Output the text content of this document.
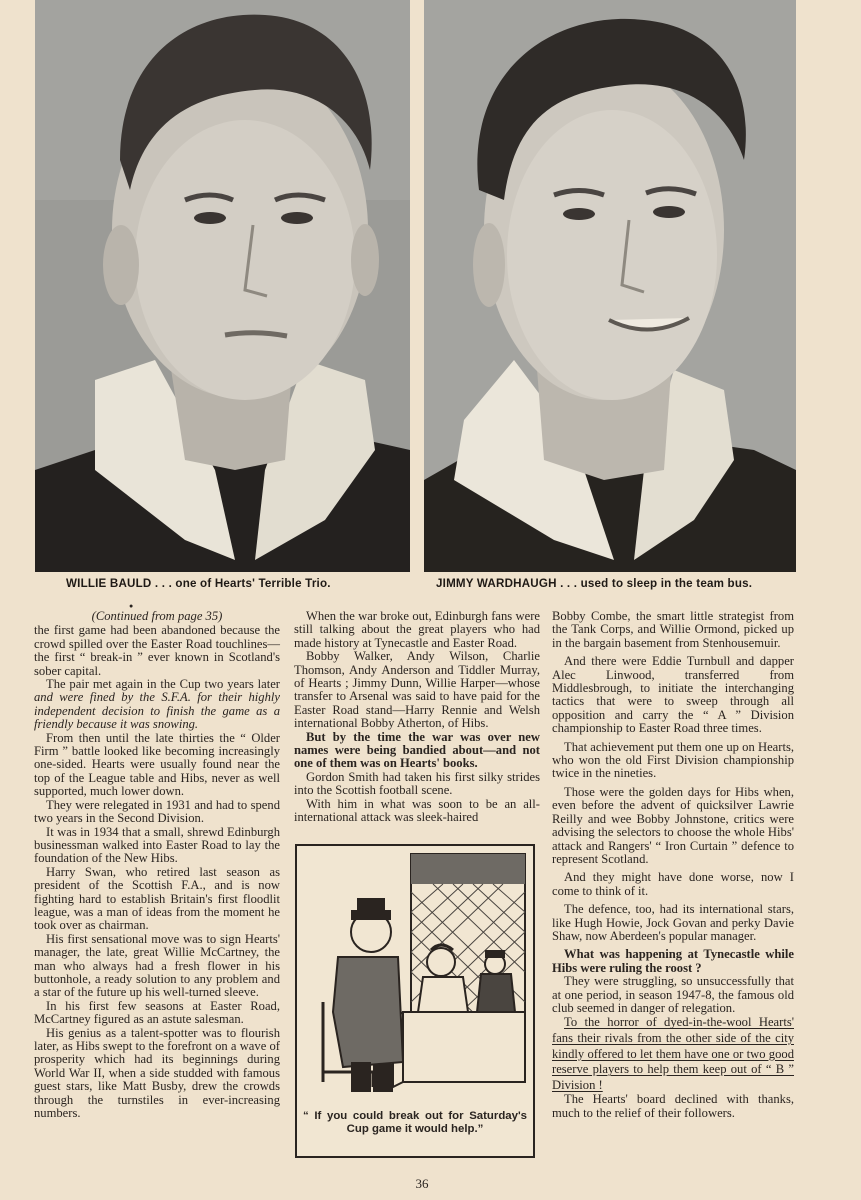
WILLIE BAULD . . . one of Hearts' Terrible Trio.	JIMMY WARDHAUGH . . . used to sleep in the team bus.
●

(Continued from page 35)

the first game had been abandoned because the crowd spilled over the Easter Road touchlines—the first “ break-in ” ever known in Scotland's sober capital.

The pair met again in the Cup two years later and were fined by the S.F.A. for their highly independent decision to finish the game as a friendly because it was snowing.

From then until the late thirties the “ Older Firm ” battle looked like becoming increasingly one-sided. Hearts were usually found near the top of the League table and Hibs, never as well supported, much lower down.

They were relegated in 1931 and had to spend two years in the Second Division.

It was in 1934 that a small, shrewd Edinburgh businessman walked into Easter Road to lay the foundation of the New Hibs.

Harry Swan, who retired last season as president of the Scottish F.A., and is now fighting hard to establish Britain's first floodlit league, was a man of ideas from the moment he took over as chairman.

His first sensational move was to sign Hearts' manager, the late, great Willie McCartney, the man who always had a fresh flower in his buttonhole, a ready solution to any problem and a star of the future up his well-turned sleeve.

In his first few seasons at Easter Road, McCartney figured as an astute salesman.

His genius as a talent-spotter was to flourish later, as Hibs swept to the forefront on a wave of prosperity which had its beginnings during World War II, when a side studded with famous guest stars, like Matt Busby, drew the crowds through the turnstiles in ever-increasing numbers.

When the war broke out, Edinburgh fans were still talking about the great players who had made history at Tynecastle and Easter Road.

Bobby Walker, Andy Wilson, Charlie Thomson, Andy Anderson and Tiddler Murray, of Hearts ; Jimmy Dunn, Willie Harper—whose transfer to Arsenal was said to have paid for the Easter Road stand—Harry Rennie and Welsh international Bobby Atherton, of Hibs.

But by the time the war was over new names were being bandied about—and not one of them was on Hearts' books.

Gordon Smith had taken his first silky strides into the Scottish football scene.

With him in what was soon to be an all-international attack was sleek-haired

“ If you could break out for Saturday's Cup game it would help.”

Bobby Combe, the smart little strategist from the Tank Corps, and Willie Ormond, picked up in the bargain basement from Stenhousemuir.

And there were Eddie Turnbull and dapper Alec Linwood, transferred from Middlesbrough, to initiate the interchanging tactics that were to sweep through all opposition and carry the “ A ” Division championship to Easter Road three times.

That achievement put them one up on Hearts, who won the old First Division championship twice in the nineties.

Those were the golden days for Hibs when, even before the advent of quicksilver Lawrie Reilly and wee Bobby Johnstone, critics were advising the selectors to choose the whole Hibs' attack and Rangers' “ Iron Curtain ” defence to represent Scotland.

And they might have done worse, now I come to think of it.

The defence, too, had its international stars, like Hugh Howie, Jock Govan and perky Davie Shaw, now Aberdeen's popular manager.

What was happening at Tynecastle while Hibs were ruling the roost ?

They were struggling, so unsuccessfully that at one period, in season 1947-8, the famous old club seemed in danger of relegation.

To the horror of dyed-in-the-wool Hearts' fans their rivals from the other side of the city kindly offered to let them have one or two good reserve players to help them keep out of “ B ” Division !

The Hearts' board declined with thanks, much to the relief of their followers.

36
